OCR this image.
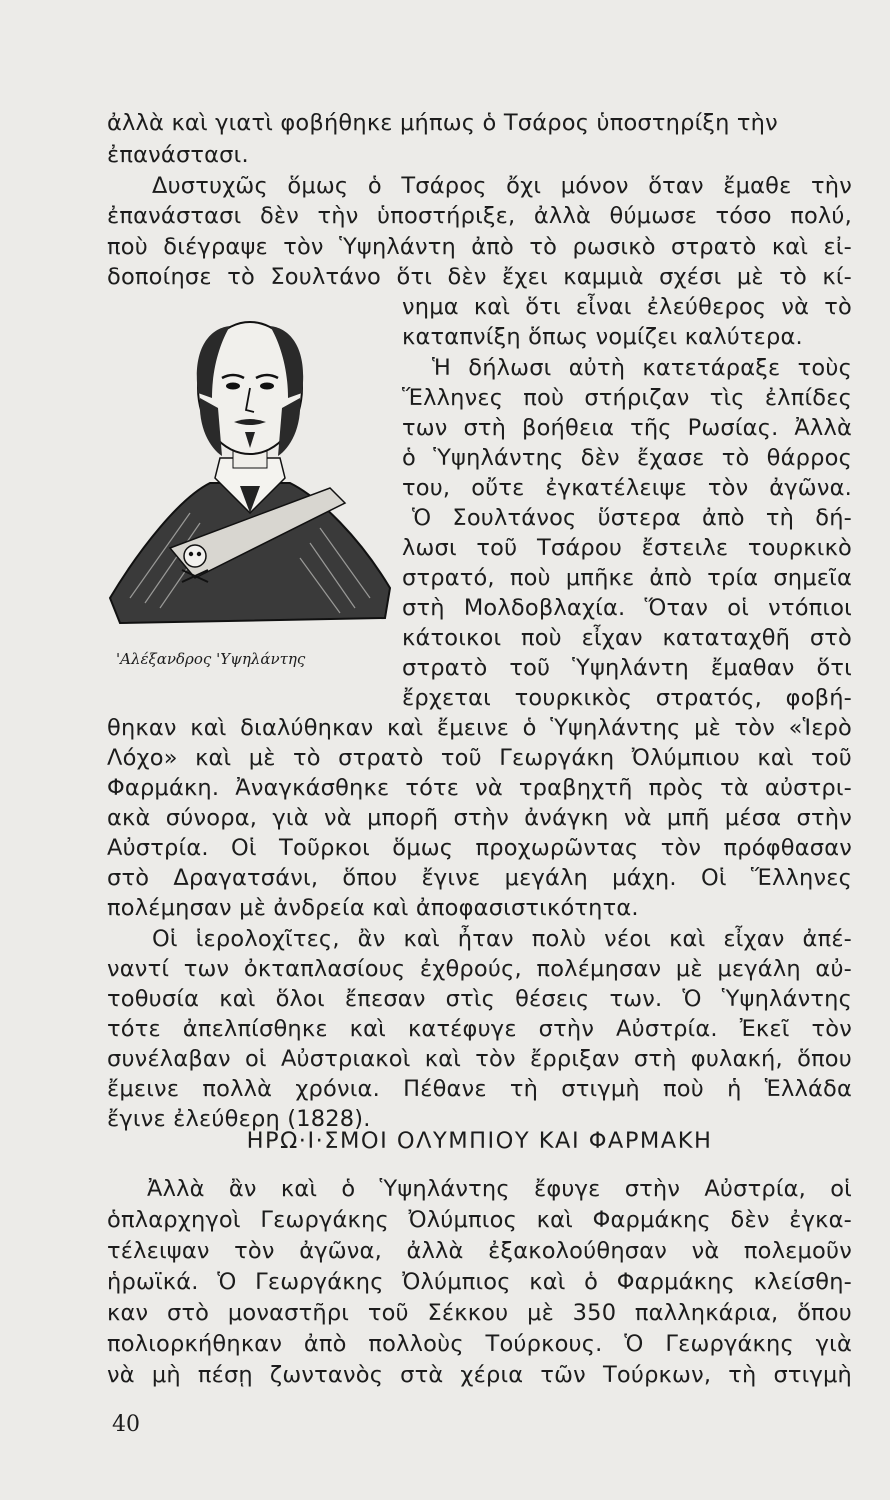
ἀλλὰ καὶ γιατὶ φοβήθηκε μήπως ὁ Τσάρος ὑποστηρίξη τὴν
ἐπανάστασι.
Δυστυχῶς ὅμως ὁ Τσάρος ὄχι μόνον ὅταν ἔμαθε τὴν
ἐπανάστασι δὲν τὴν ὑποστήριξε, ἀλλὰ θύμωσε τόσο πολύ,
ποὺ διέγραψε τὸν Ὑψηλάντη ἀπὸ τὸ ρωσικὸ στρατὸ καὶ εἰ-
δοποίησε τὸ Σουλτάνο ὅτι δὲν ἔχει καμμιὰ σχέσι μὲ τὸ κί-
νημα καὶ ὅτι εἶναι ἐλεύθερος νὰ τὸ
καταπνίξη ὅπως νομίζει καλύτερα.
Ἡ δήλωσι αὐτὴ κατετάραξε τοὺς
Ἕλληνες ποὺ στήριζαν τὶς ἐλπίδες
των στὴ βοήθεια τῆς Ρωσίας. Ἀλλὰ
ὁ Ὑψηλάντης δὲν ἔχασε τὸ θάρρος
του, οὔτε ἐγκατέλειψε τὸν ἀγῶνα.
Ὁ Σουλτάνος ὕστερα ἀπὸ τὴ δή-
λωσι τοῦ Τσάρου ἔστειλε τουρκικὸ
στρατό, ποὺ μπῆκε ἀπὸ τρία σημεῖα
στὴ Μολδοβλαχία. Ὅταν οἱ ντόπιοι
κάτοικοι ποὺ εἶχαν καταταχθῆ στὸ
στρατὸ τοῦ Ὑψηλάντη ἔμαθαν ὅτι
ἔρχεται τουρκικὸς στρατός, φοβή-
'Αλέξανδρος 'Υψηλάντης
θηκαν καὶ διαλύθηκαν καὶ ἔμεινε ὁ Ὑψηλάντης μὲ τὸν «Ἱερὸ
Λόχο» καὶ μὲ τὸ στρατὸ τοῦ Γεωργάκη Ὀλύμπιου καὶ τοῦ
Φαρμάκη. Ἀναγκάσθηκε τότε νὰ τραβηχτῆ πρὸς τὰ αὐστρι-
ακὰ σύνορα, γιὰ νὰ μπορῆ στὴν ἀνάγκη νὰ μπῆ μέσα στὴν
Αὐστρία. Οἱ Τοῦρκοι ὅμως προχωρῶντας τὸν πρόφθασαν
στὸ Δραγατσάνι, ὅπου ἔγινε μεγάλη μάχη. Οἱ Ἕλληνες
πολέμησαν μὲ ἀνδρεία καὶ ἀποφασιστικότητα.
Οἱ ἱερολοχῖτες, ἂν καὶ ἦταν πολὺ νέοι καὶ εἶχαν ἀπέ-
ναντί των ὀκταπλασίους ἐχθρούς, πολέμησαν μὲ μεγάλη αὐ-
τοθυσία καὶ ὅλοι ἔπεσαν στὶς θέσεις των. Ὁ Ὑψηλάντης
τότε ἀπελπίσθηκε καὶ κατέφυγε στὴν Αὐστρία. Ἐκεῖ τὸν
συνέλαβαν οἱ Αὐστριακοὶ καὶ τὸν ἔρριξαν στὴ φυλακή, ὅπου
ἔμεινε πολλὰ χρόνια. Πέθανε τὴ στιγμὴ ποὺ ἡ Ἑλλάδα
ἔγινε ἐλεύθερη (1828).
ΗΡΩ·Ι·ΣΜΟΙ ΟΛΥΜΠΙΟΥ ΚΑΙ ΦΑΡΜΑΚΗ
Ἀλλὰ ἂν καὶ ὁ Ὑψηλάντης ἔφυγε στὴν Αὐστρία, οἱ
ὁπλαρχηγοὶ Γεωργάκης Ὀλύμπιος καὶ Φαρμάκης δὲν ἐγκα-
τέλειψαν τὸν ἀγῶνα, ἀλλὰ ἐξακολούθησαν νὰ πολεμοῦν
ἡρωϊκά. Ὁ Γεωργάκης Ὀλύμπιος καὶ ὁ Φαρμάκης κλείσθη-
καν στὸ μοναστῆρι τοῦ Σέκκου μὲ 350 παλληκάρια, ὅπου
πολιορκήθηκαν ἀπὸ πολλοὺς Τούρκους. Ὁ Γεωργάκης γιὰ
νὰ μὴ πέσῃ ζωντανὸς στὰ χέρια τῶν Τούρκων, τὴ στιγμὴ
40
